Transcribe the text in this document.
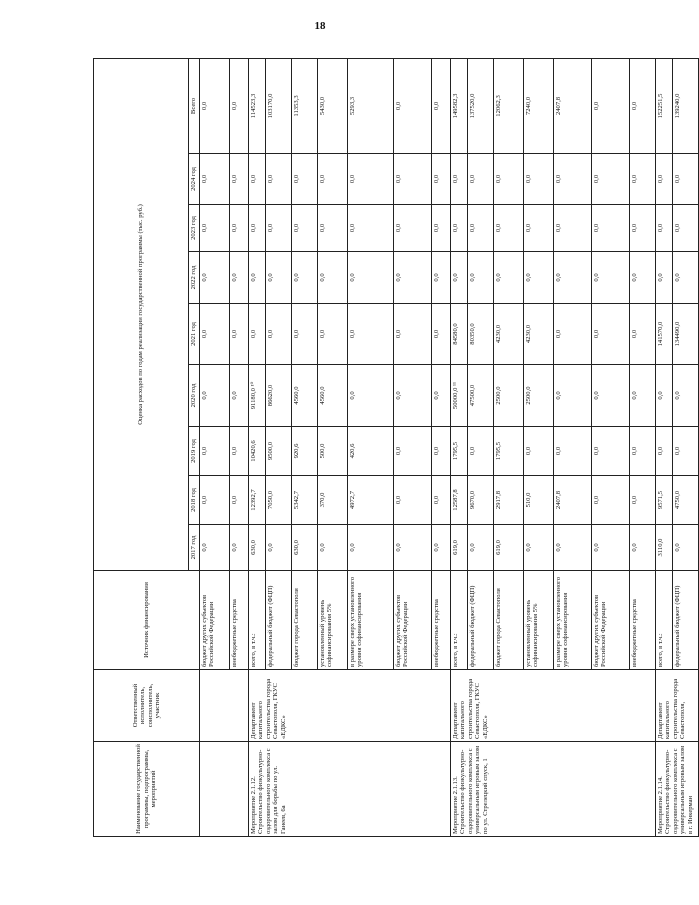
18
Наименование государственной программы, подпрограммы, мероприятий	Ответственный исполнитель, соисполнитель, участник	Источник финансирования	Оценка расходов по годам реализации государственной программы (тыс. руб.)								
			2017 год	2018 год	2019 год	2020 год	2021 год	2022 год	2023 год	2024 год	Всего
		бюджет других субъектов Российской Федерации	0,0	0,0	0,0	0,0	0,0	0,0	0,0	0,0	0,0
		внебюджетные средства	0,0	0,0	0,0	0,0	0,0	0,0	0,0	0,0	0,0
Мероприятие 2.1.12. Строительство физкультурно-оздоровительного комплекса с залом для борьбы по ул. Ганеев, 6а	Департамент капитального строительства города Севастополя, ГКУС «ЕДКС»	всего, в т.ч.:	630,0	12392,7	10420,6	91180,0 ¹⁰	0,0	0,0	0,0	0,0	114523,3
		федеральный бюджет (ФЦП)	0,0	7050,0	9500,0	86620,0	0,0	0,0	0,0	0,0	103170,0
		бюджет города Севастополя	630,0	5342,7	920,6	4560,0	0,0	0,0	0,0	0,0	11353,3
		установленный уровень софинансирования 5%	0,0	370,0	500,0	4560,0	0,0	0,0	0,0	0,0	5430,0
		в размере сверх установленного уровня софинансирования	0,0	4972,7	420,6	0,0	0,0	0,0	0,0	0,0	5293,3
		бюджет других субъектов Российской Федерации	0,0	0,0	0,0	0,0	0,0	0,0	0,0	0,0	0,0
		внебюджетные средства	0,0	0,0	0,0	0,0	0,0	0,0	0,0	0,0	0,0
Мероприятие 2.1.13. Строительство физкультурно-оздоровительного комплекса с универсальным игровым залом по ул. Стрелецкий спуск, 1	Департамент капитального строительства города Севастополя, ГКУС «ЕДКС»	всего, в т.ч.:	619,0	12587,8	1795,5	50000,0 ¹¹	84580,0	0,0	0,0	0,0	149582,3
		федеральный бюджет (ФЦП)	0,0	9670,0	0,0	47500,0	80350,0	0,0	0,0	0,0	137520,0
		бюджет города Севастополя	619,0	2917,8	1795,5	2500,0	4230,0	0,0	0,0	0,0	12062,3
		установленный уровень софинансирования 5%	0,0	510,0	0,0	2500,0	4230,0	0,0	0,0	0,0	7240,0
		в размере сверх установленного уровня софинансирования	0,0	2407,8	0,0	0,0	0,0	0,0	0,0	0,0	2407,8
		бюджет других субъектов Российской Федерации	0,0	0,0	0,0	0,0	0,0	0,0	0,0	0,0	0,0
		внебюджетные средства	0,0	0,0	0,0	0,0	0,0	0,0	0,0	0,0	0,0
Мероприятие 2.1.14. Строительство физкультурно-оздоровительного комплекса с универсальным игровым залом в г. Инкерман	Департамент капитального строительства города Севастополя,	всего, в т.ч.:	3110,0	9571,5	0,0	0,0	141570,0	0,0	0,0	0,0	152251,5
		федеральный бюджет (ФЦП)	0,0	4750,0	0,0	0,0	134490,0	0,0	0,0	0,0	139240,0
